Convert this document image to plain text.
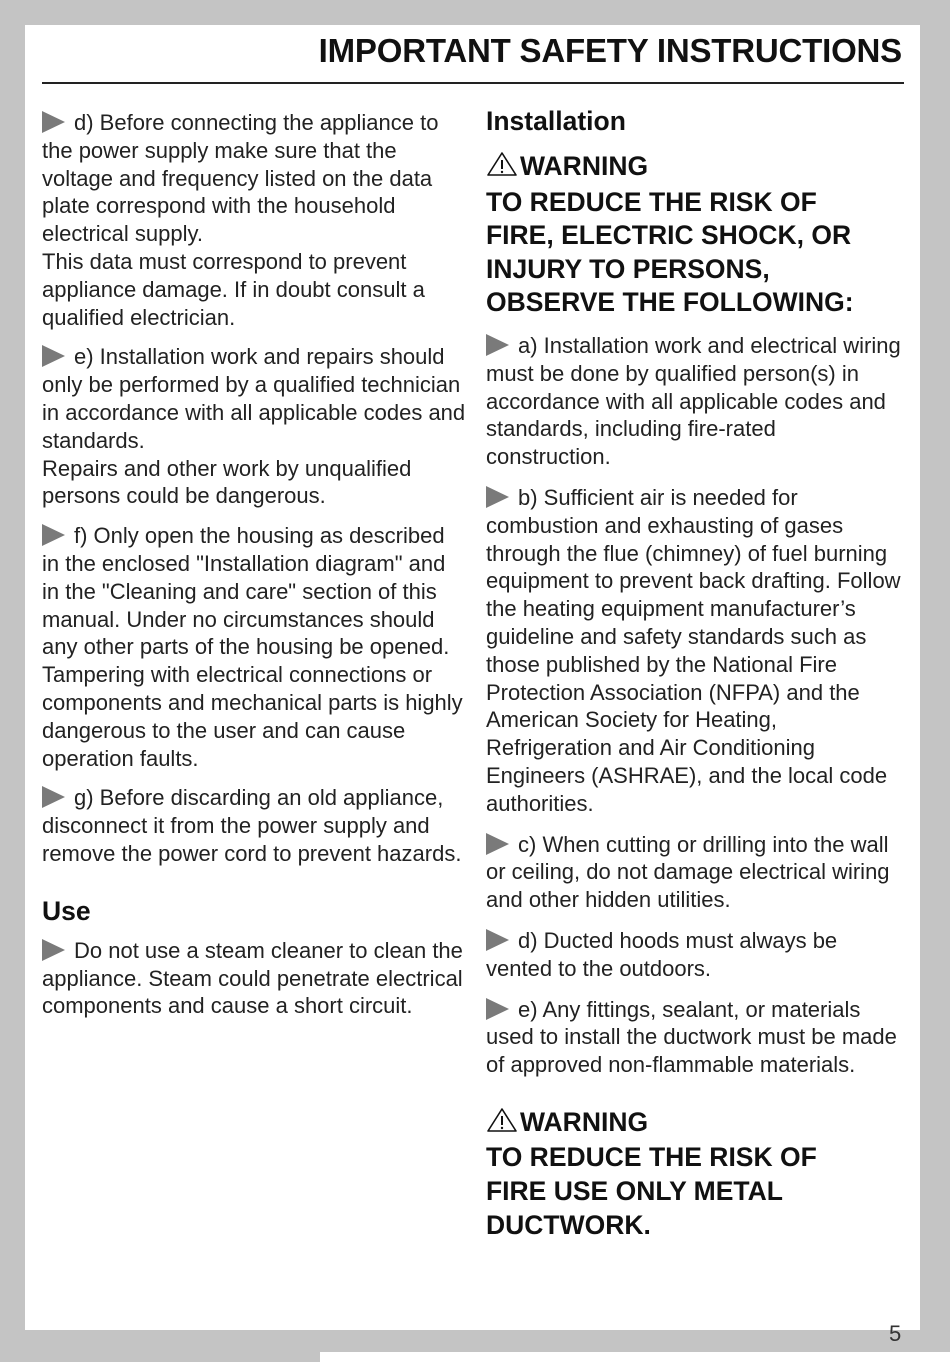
IMPORTANT SAFETY INSTRUCTIONS

d) Before connecting the appliance to the power supply make sure that the voltage and frequency listed on the data plate correspond with the household electrical supply.
This data must correspond to prevent appliance damage. If in doubt consult a qualified electrician.

e) Installation work and repairs should only be performed by a qualified technician in accordance with all applicable codes and standards.
Repairs and other work by unqualified persons could be dangerous.

f) Only open the housing as described in the enclosed "Installation diagram" and in the "Cleaning and care" section of this manual. Under no circumstances should any other parts of the housing be opened. Tampering with electrical connections or components and mechanical parts is highly dangerous to the user and can cause operation faults.

g) Before discarding an old appliance, disconnect it from the power supply and remove the power cord to prevent hazards.

Use

Do not use a steam cleaner to clean the appliance. Steam could penetrate electrical components and cause a short circuit.

Installation
WARNING
TO REDUCE THE RISK OF
FIRE, ELECTRIC SHOCK, OR
INJURY TO PERSONS,
OBSERVE THE FOLLOWING:

a) Installation work and electrical wiring must be done by qualified person(s) in accordance with all applicable codes and standards, including fire-rated construction.

b) Sufficient air is needed for combustion and exhausting of gases through the flue (chimney) of fuel burning equipment to prevent back drafting. Follow the heating equipment manufacturer’s guideline and safety standards such as those published by the National Fire Protection Association (NFPA) and the American Society for Heating, Refrigeration and Air Conditioning Engineers (ASHRAE), and the local code authorities.

c) When cutting or drilling into the wall or ceiling, do not damage electrical wiring and other hidden utilities.

d) Ducted hoods must always be vented to the outdoors.

e) Any fittings, sealant, or materials used to install the ductwork must be made of approved non-flammable materials.

WARNING
TO REDUCE THE RISK OF
FIRE USE ONLY METAL
DUCTWORK.
5
